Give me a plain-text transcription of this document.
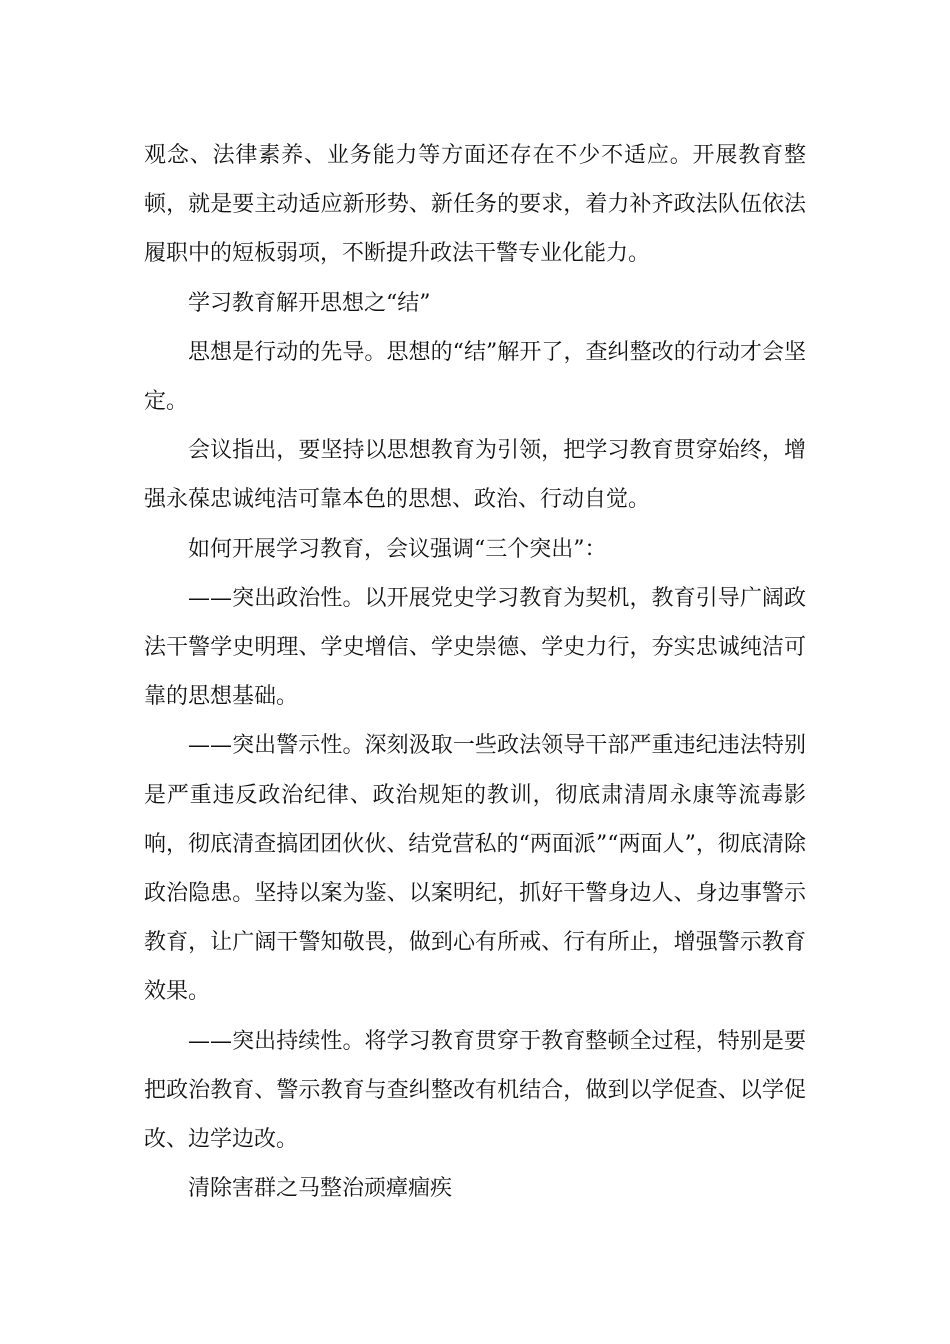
观念、法律素养、业务能力等方面还存在不少不适应。开展教育整顿，就是要主动适应新形势、新任务的要求，着力补齐政法队伍依法履职中的短板弱项，不断提升政法干警专业化能力。

学习教育解开思想之“结”

思想是行动的先导。思想的“结”解开了，查纠整改的行动才会坚定。

会议指出，要坚持以思想教育为引领，把学习教育贯穿始终，增强永葆忠诚纯洁可靠本色的思想、政治、行动自觉。

如何开展学习教育，会议强调“三个突出”：

——突出政治性。以开展党史学习教育为契机，教育引导广阔政法干警学史明理、学史增信、学史崇德、学史力行，夯实忠诚纯洁可靠的思想基础。

——突出警示性。深刻汲取一些政法领导干部严重违纪违法特别是严重违反政治纪律、政治规矩的教训，彻底肃清周永康等流毒影响，彻底清查搞团团伙伙、结党营私的“两面派”“两面人”，彻底清除政治隐患。坚持以案为鉴、以案明纪，抓好干警身边人、身边事警示教育，让广阔干警知敬畏，做到心有所戒、行有所止，增强警示教育效果。

——突出持续性。将学习教育贯穿于教育整顿全过程，特别是要把政治教育、警示教育与查纠整改有机结合，做到以学促查、以学促改、边学边改。

清除害群之马整治顽瘴痼疾
